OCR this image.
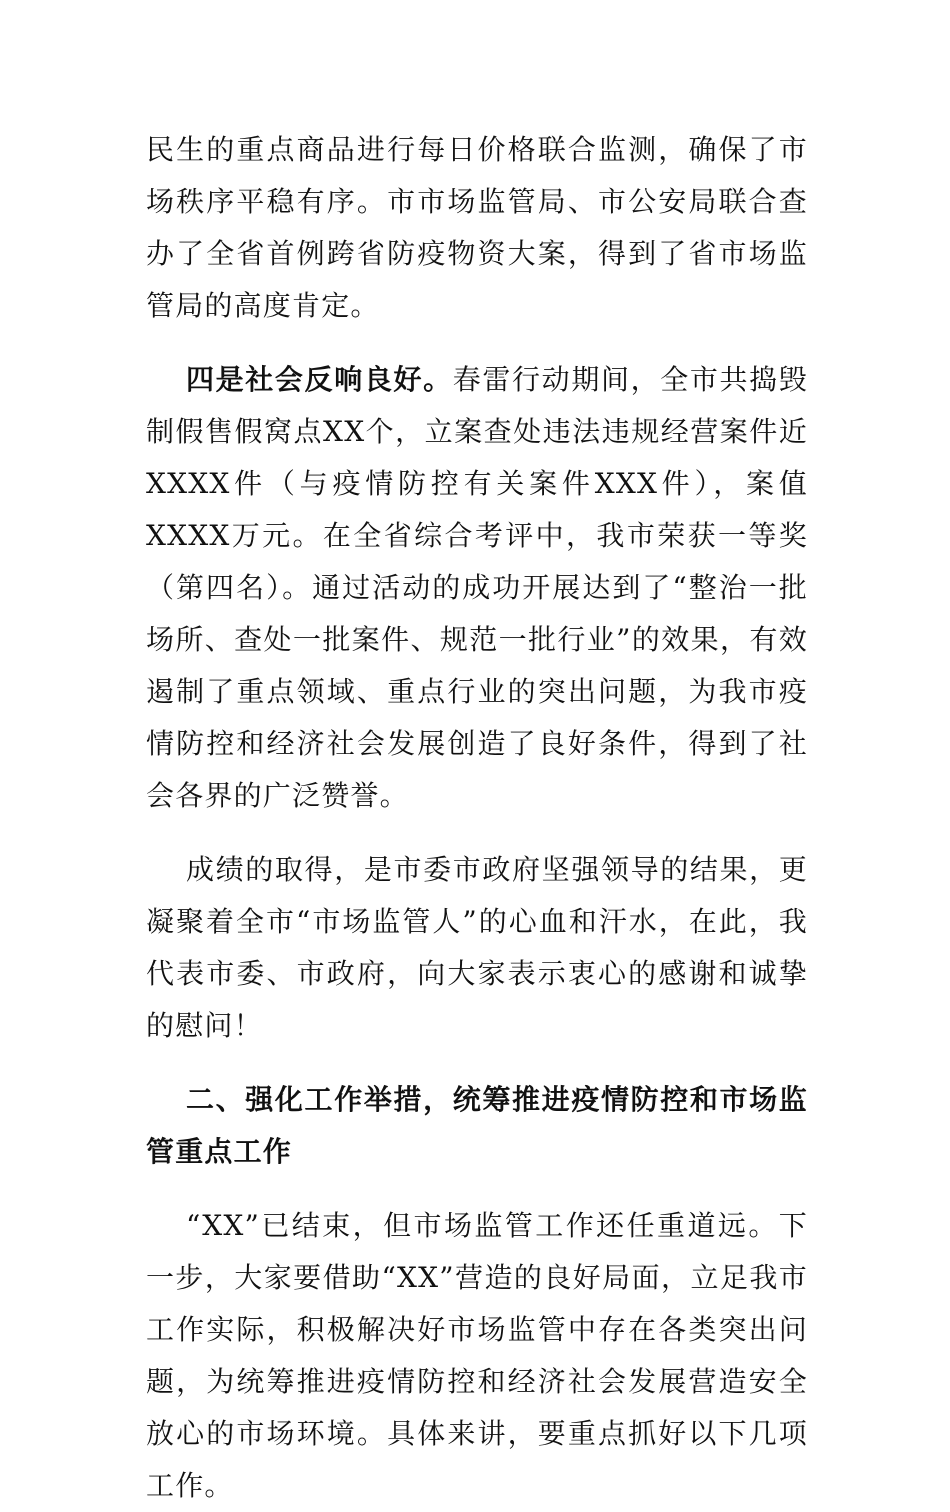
民生的重点商品进行每日价格联合监测，确保了市场秩序平稳有序。市市场监管局、市公安局联合查办了全省首例跨省防疫物资大案，得到了省市场监管局的高度肯定。

四是社会反响良好。春雷行动期间，全市共捣毁制假售假窝点XX个，立案查处违法违规经营案件近XXXX件（与疫情防控有关案件XXX件），案值XXXX万元。在全省综合考评中，我市荣获一等奖（第四名）。通过活动的成功开展达到了“整治一批场所、查处一批案件、规范一批行业”的效果，有效遏制了重点领域、重点行业的突出问题，为我市疫情防控和经济社会发展创造了良好条件，得到了社会各界的广泛赞誉。

成绩的取得，是市委市政府坚强领导的结果，更凝聚着全市“市场监管人”的心血和汗水，在此，我代表市委、市政府，向大家表示衷心的感谢和诚挚的慰问！

二、强化工作举措，统筹推进疫情防控和市场监管重点工作

“XX”已结束，但市场监管工作还任重道远。下一步，大家要借助“XX”营造的良好局面，立足我市工作实际，积极解决好市场监管中存在各类突出问题，为统筹推进疫情防控和经济社会发展营造安全放心的市场环境。具体来讲，要重点抓好以下几项工作。
